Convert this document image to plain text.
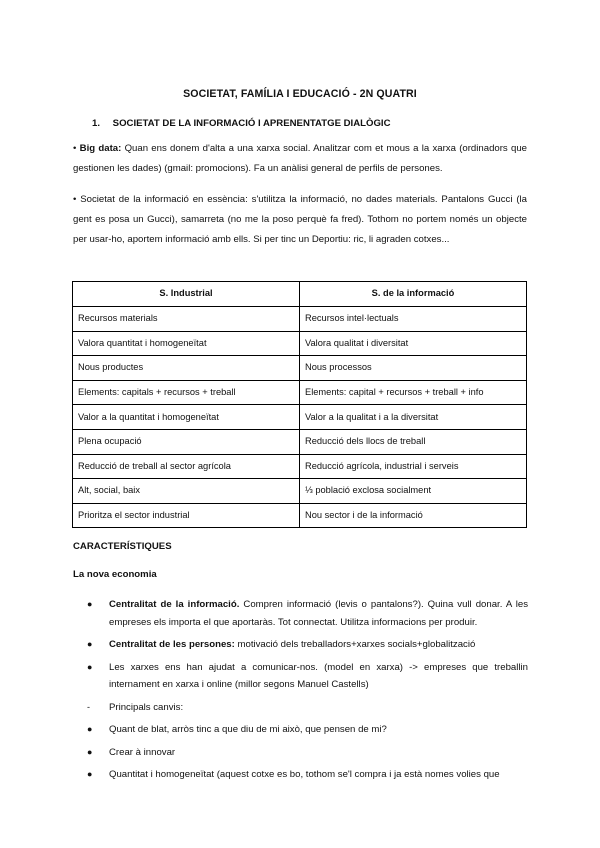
SOCIETAT, FAMÍLIA I EDUCACIÓ - 2N QUATRI
1. SOCIETAT DE LA INFORMACIÓ I APRENENTATGE DIALÒGIC

• Big data: Quan ens donem d'alta a una xarxa social. Analitzar com et mous a la xarxa (ordinadors que gestionen les dades) (gmail: promocions). Fa un anàlisi general de perfils de persones.

• Societat de la informació en essència: s'utilitza la informació, no dades materials. Pantalons Gucci (la gent es posa un Gucci), samarreta (no me la poso perquè fa fred). Tothom no portem només un objecte per usar-ho, aportem informació amb ells. Si per tinc un Deportiu: ric, li agraden cotxes...

S. Industrial	S. de la informació
Recursos materials	Recursos intel·lectuals
Valora quantitat i homogeneïtat	Valora qualitat i diversitat
Nous productes	Nous processos
Elements: capitals + recursos + treball	Elements: capital + recursos + treball + info
Valor a la quantitat i homogeneïtat	Valor a la qualitat i a la diversitat
Plena ocupació	Reducció dels llocs de treball
Reducció de treball al sector agrícola	Reducció agrícola, industrial i serveis
Alt, social, baix	⅓ població exclosa socialment
Prioritza el sector industrial	Nou sector i de la informació
CARACTERÍSTIQUES
La nova economia
● Centralitat de la informació. Compren informació (levis o pantalons?). Quina vull donar. A les empreses els importa el que aportaràs. Tot connectat. Utilitza informacions per produir.
● Centralitat de les persones: motivació dels treballadors+xarxes socials+globalització
● Les xarxes ens han ajudat a comunicar-nos. (model en xarxa) -> empreses que treballin internament en xarxa i online (millor segons Manuel Castells)
- Principals canvis:
● Quant de blat, arròs tinc a que diu de mi això, que pensen de mi?
● Crear à innovar
● Quantitat i homogeneïtat (aquest cotxe es bo, tothom se'l compra i ja està nomes volies que
